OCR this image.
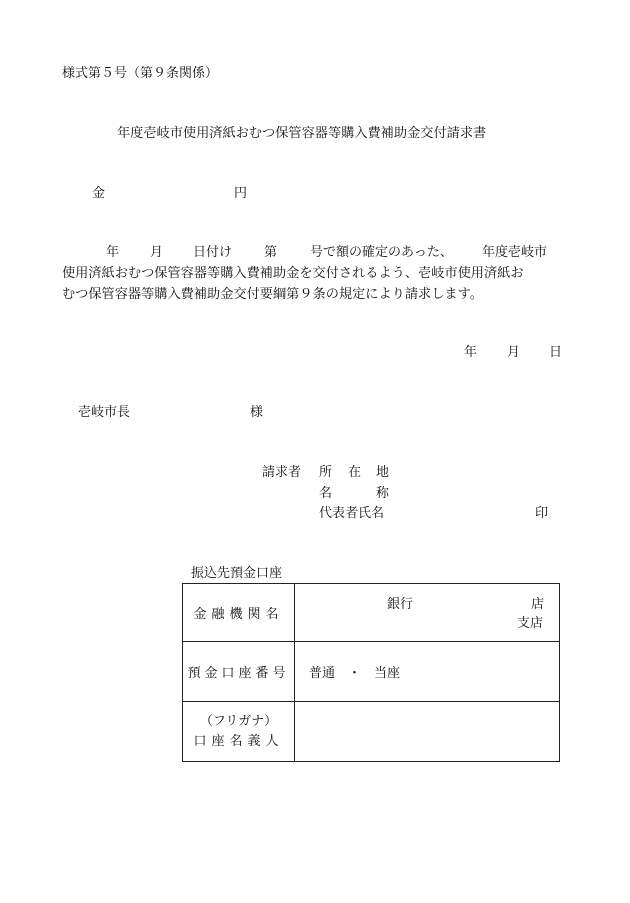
様式第５号（第９条関係）
年度壱岐市使用済紙おむつ保管容器等購入費補助金交付請求書
金	円
年 月 日付け 第	号で額の確定のあった、 年度壱岐市
使用済紙おむつ保管容器等購入費補助金を交付されるよう、壱岐市使用済紙お
むつ保管容器等購入費補助金交付要綱第９条の規定により請求します。
年 月 日
壱岐市長	様
請求者 所 在 地
名	称
代表者氏名	印
振込先預金口座
金融機関名	銀行 店
支店

預金口座番号	普通　・　当座

（フリガナ）
口座名義人	
